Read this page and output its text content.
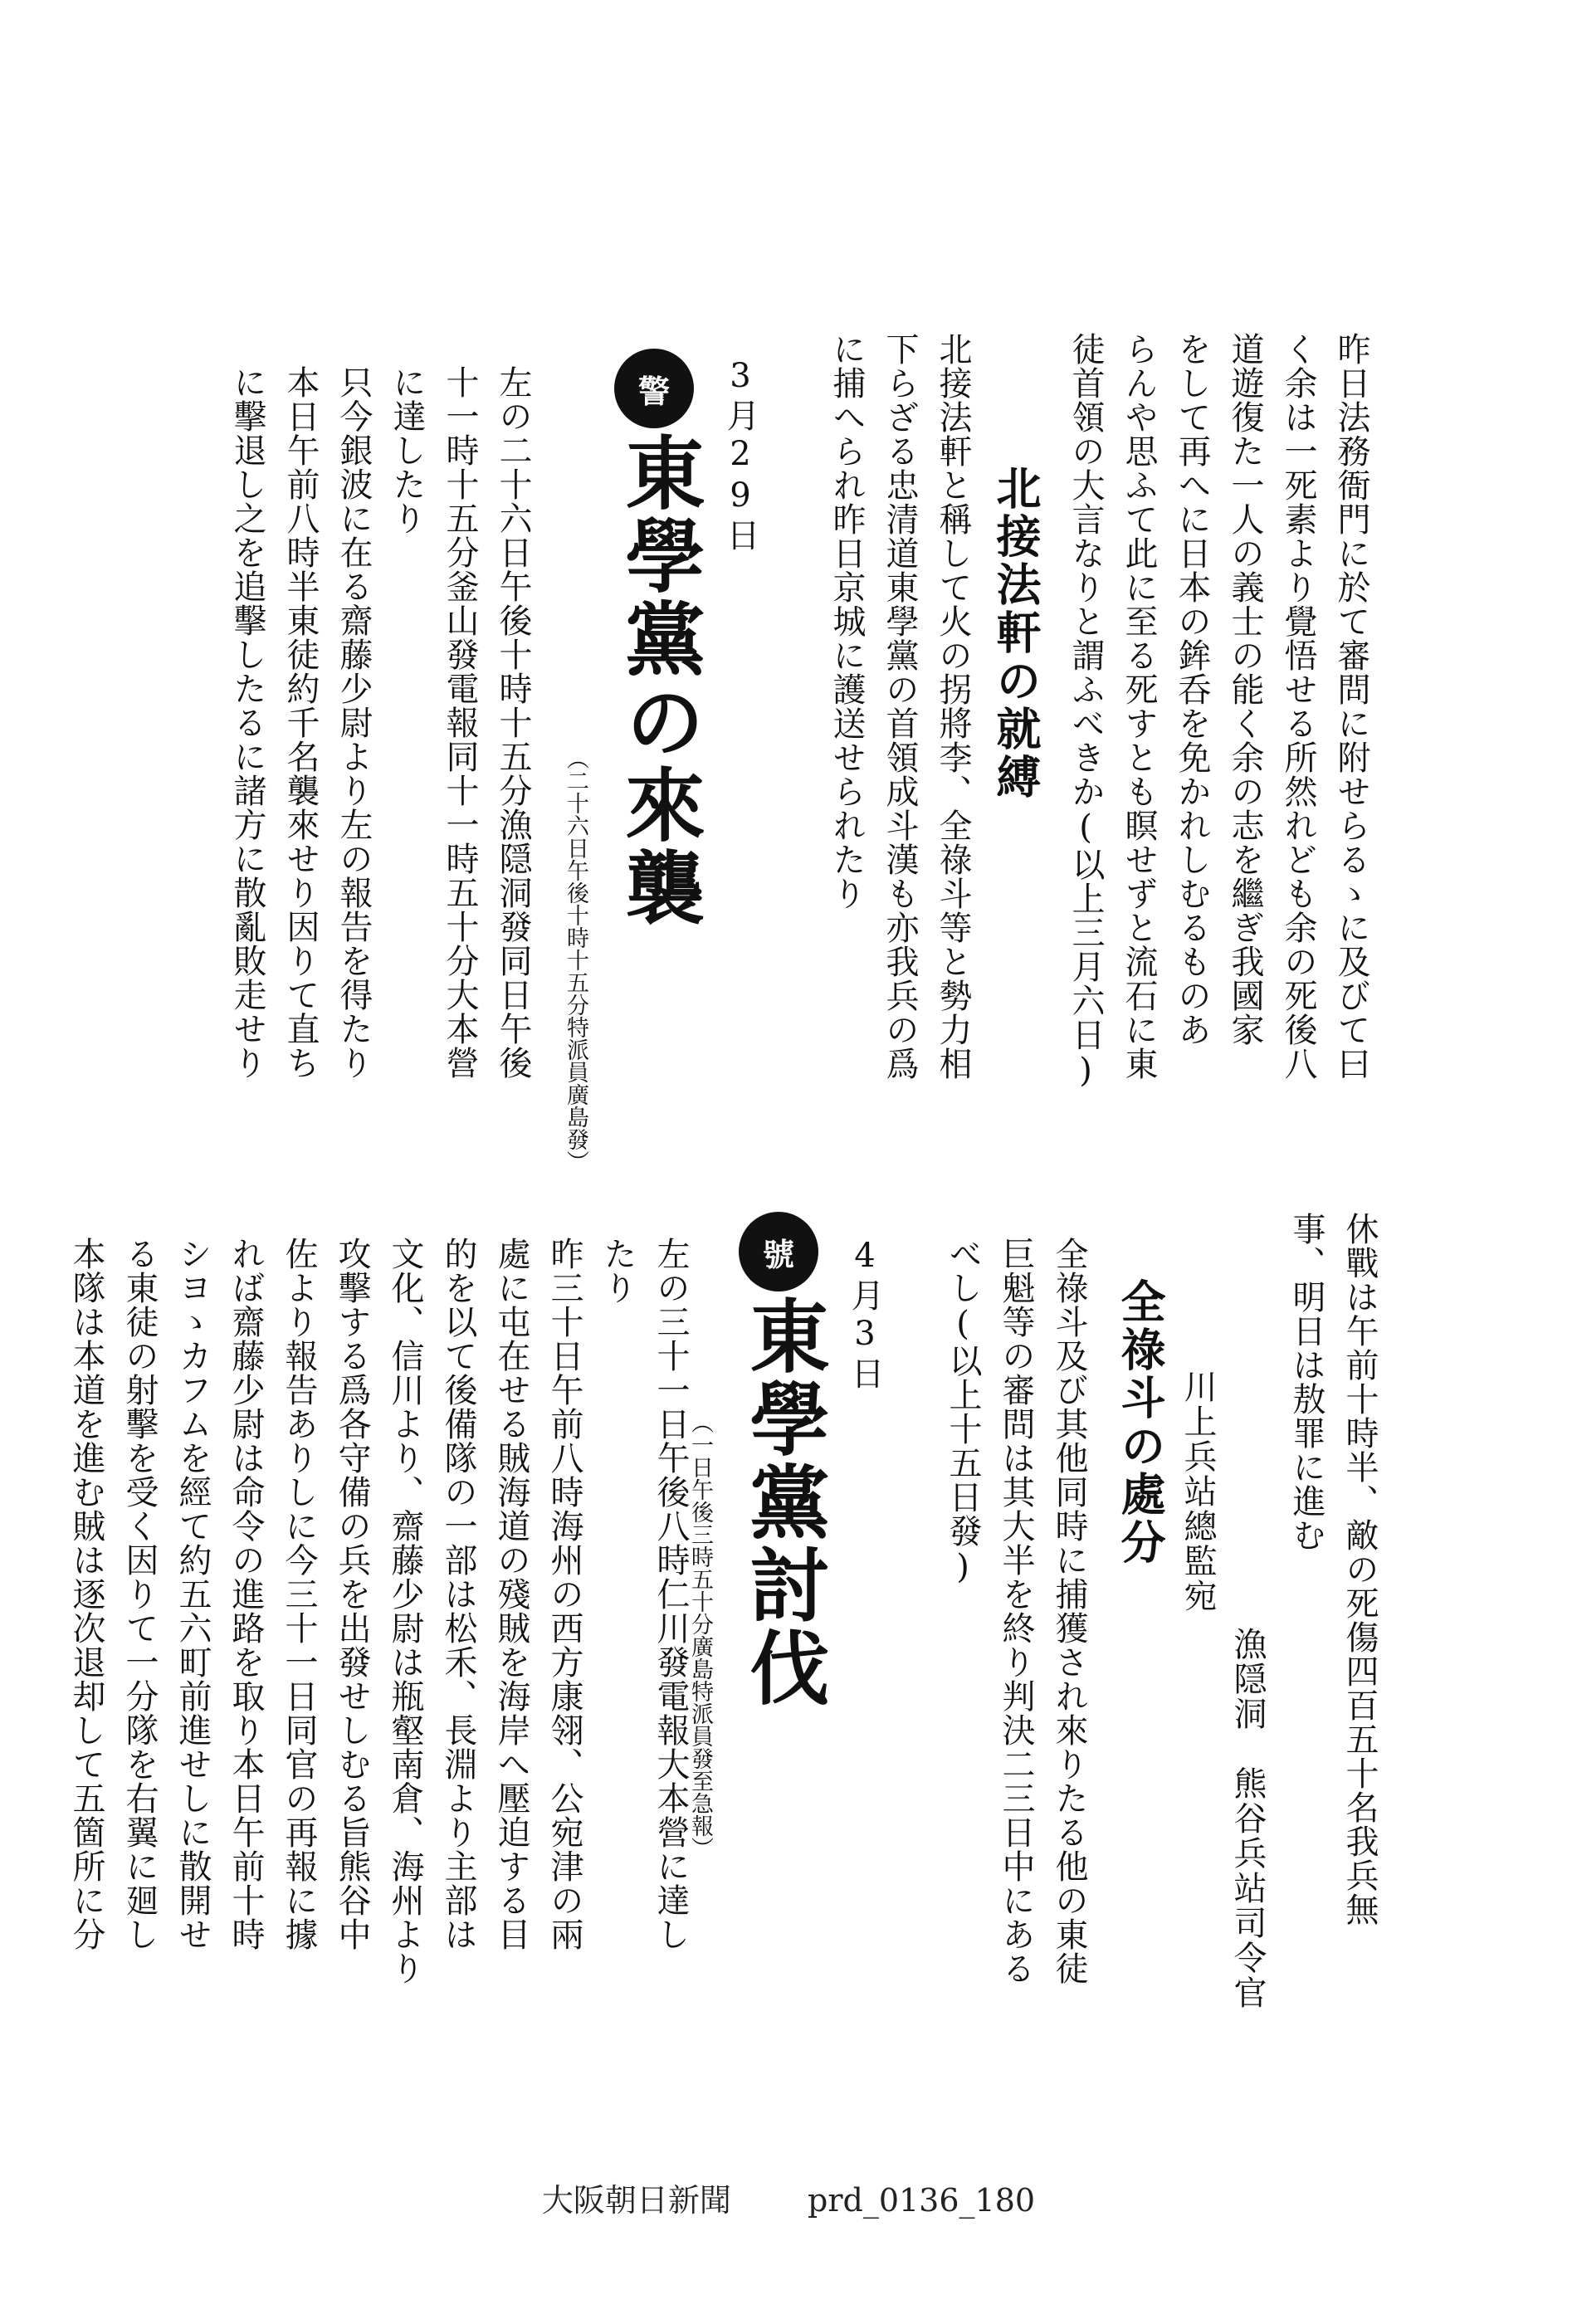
昨日法務衙門に於て審問に附せらるゝに及びて曰
く余は一死素より覺悟せる所然れども余の死後八
道遊復た一人の義士の能く余の志を繼ぎ我國家
をして再へに日本の鉾呑を免かれしむるものあ
らんや思ふて此に至る死すとも瞑せずと流石に東
徒首領の大言なりと謂ふべきか(以上三月六日)
北接法軒の就縛
北接法軒と稱して火の拐將李、全祿斗等と勢力相
下らざる忠清道東學黨の首領成斗漢も亦我兵の爲
に捕へられ昨日京城に護送せられたり
3月29日
警
東學黨の來襲
（二十六日午後十時十五分特派員廣島發）
左の二十六日午後十時十五分漁隠洞發同日午後
十一時十五分釜山發電報同十一時五十分大本營
に達したり
只今銀波に在る齋藤少尉より左の報告を得たり
本日午前八時半東徒約千名襲來せり因りて直ち
に擊退し之を追擊したるに諸方に散亂敗走せり
休戰は午前十時半、敵の死傷四百五十名我兵無
事、明日は敖罪に進む
漁隠洞　熊谷兵站司令官
川上兵站總監宛
全祿斗の處分
全祿斗及び其他同時に捕獲され來りたる他の東徒
巨魁等の審問は其大半を終り判決二三日中にある
べし(以上十五日發)
4月3日
號
東學黨討伐
（一日午後三時五十分廣島特派員發至急報）
左の三十一日午後八時仁川發電報大本營に達し
たり
昨三十日午前八時海州の西方康翎、公宛津の兩
處に屯在せる賊海道の殘賊を海岸へ壓迫する目
的を以て後備隊の一部は松禾、長淵より主部は
文化、信川より、齋藤少尉は瓶壑南倉、海州より
攻擊する爲各守備の兵を出發せしむる旨熊谷中
佐より報告ありしに今三十一日同官の再報に據
れば齋藤少尉は命令の進路を取り本日午前十時
シヨゝカフムを經て約五六町前進せしに散開せ
る東徒の射擊を受く因りて一分隊を右翼に廻し
本隊は本道を進む賊は逐次退却して五箇所に分
大阪朝日新聞 prd_0136_180
